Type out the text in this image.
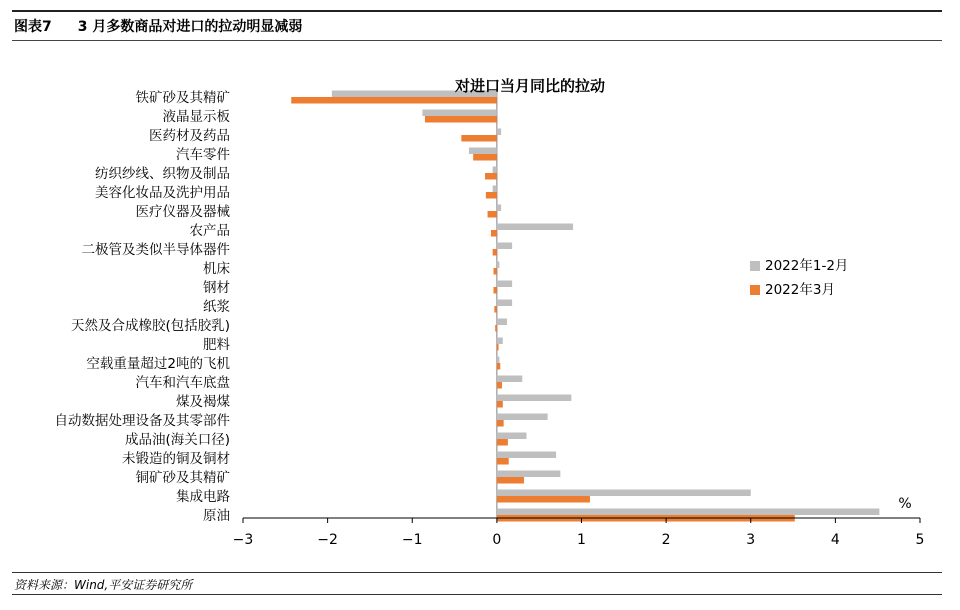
图表7 3 月多数商品对进口的拉动明显减弱
铁矿砂及其精矿
液晶显示板
医药材及药品
汽车零件
纺织纱线、织物及制品
美容化妆品及洗护用品
医疗仪器及器械
农产品
二极管及类似半导体器件
机床
钢材
纸浆
天然及合成橡胶(包括胶乳)
肥料
空载重量超过2吨的飞机
汽车和汽车底盘
煤及褐煤
自动数据处理设备及其零部件
成品油(海关口径)
未锻造的铜及铜材
铜矿砂及其精矿
集成电路
原油
−3	−2	−1	0	1	2	3	4	5
%
对进口当月同比的拉动
2022年1-2月
2022年3月
资料来源：Wind,平安证券研究所
